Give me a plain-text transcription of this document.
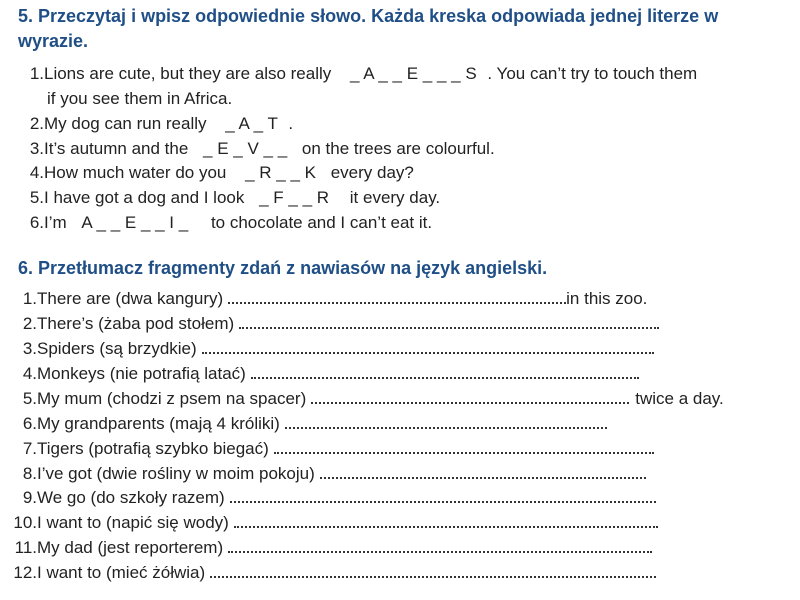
5. Przeczytaj i wpisz odpowiednie słowo. Każda kreska odpowiada jednej literze w wyrazie.
1.Lions are cute, but they are also really _ A _ _ E _ _ _ S . You can’t try to touch them
if you see them in Africa.
2.My dog can run really _ A _ T .
3.It’s autumn and the _ E _ V _ _ on the trees are colourful.
4.How much water do you _ R _ _ K every day?
5.I have got a dog and I look _ F _ _ R it every day.
6.I’m A _ _ E _ _ I _ to chocolate and I can’t eat it.
6. Przetłumacz fragmenty zdań z nawiasów na język angielski.
1.There are (dwa kangury)	in this zoo.
2.There’s (żaba pod stołem)
3.Spiders (są brzydkie)
4.Monkeys (nie potrafią latać)
5.My mum (chodzi z psem na spacer)	twice a day.
6.My grandparents (mają 4 króliki)
7.Tigers (potrafią szybko biegać)
8.I’ve got (dwie rośliny w moim pokoju)
9.We go (do szkoły razem)
10.I want to (napić się wody)
11.My dad (jest reporterem)
12.I want to (mieć żółwia)
